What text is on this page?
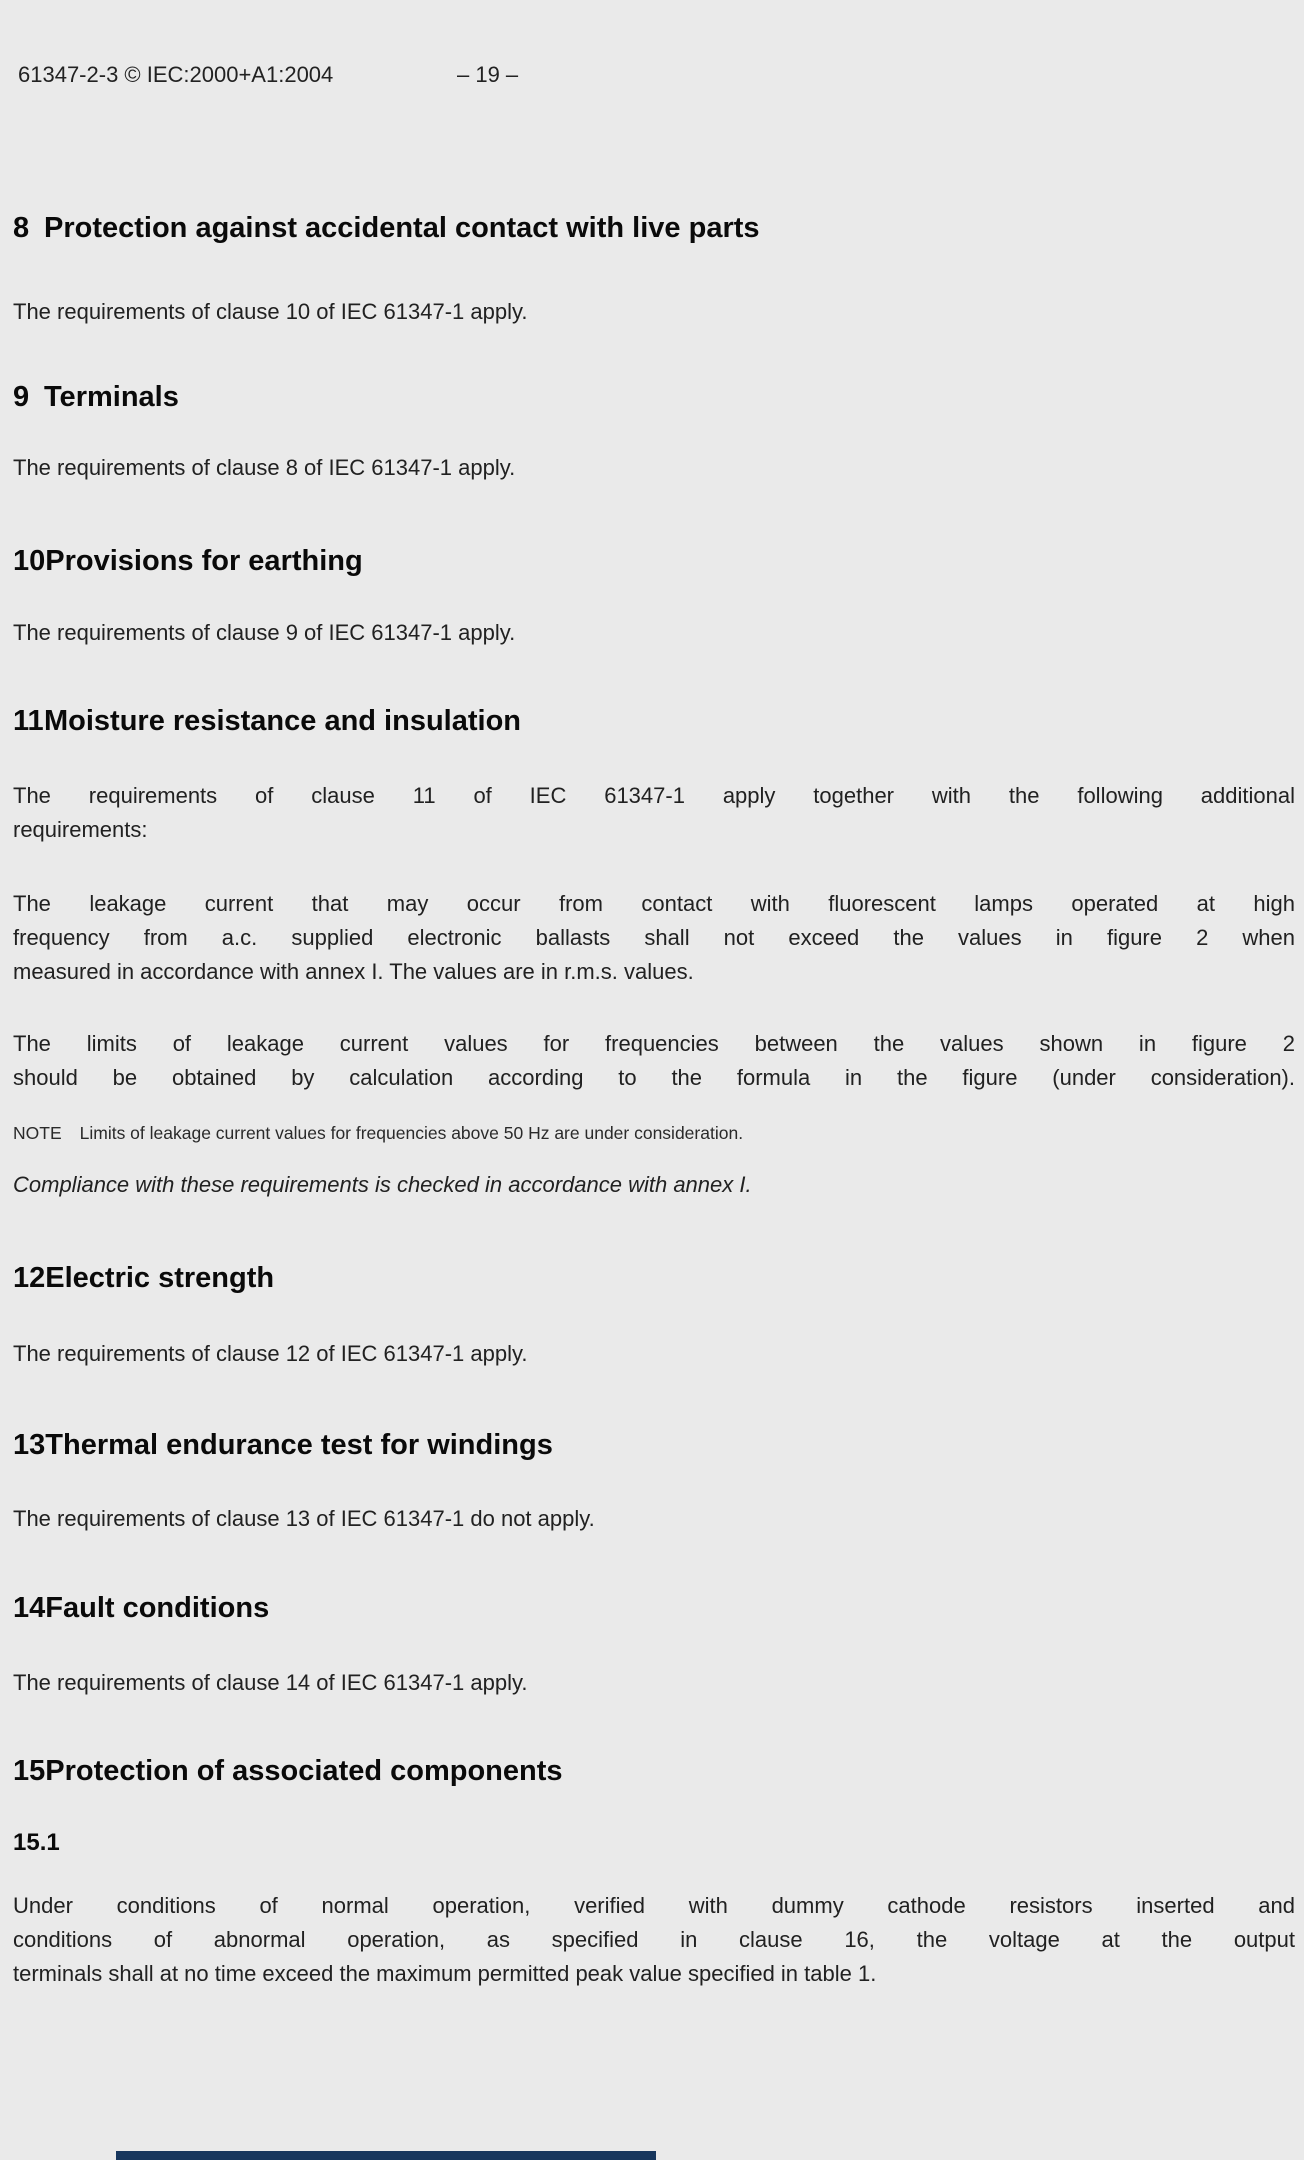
61347-2-3 © IEC:2000+A1:2004	– 19 –
8 Protection against accidental contact with live parts
The requirements of clause 10 of IEC 61347-1 apply.
9 Terminals
The requirements of clause 8 of IEC 61347-1 apply.
10Provisions for earthing
The requirements of clause 9 of IEC 61347-1 apply.
11Moisture resistance and insulation
The requirements of clause 11 of IEC 61347-1 apply together with the following additional
requirements:
The leakage current that may occur from contact with fluorescent lamps operated at high
frequency from a.c. supplied electronic ballasts shall not exceed the values in figure 2 when
measured in accordance with annex I. The values are in r.m.s. values.
The limits of leakage current values for frequencies between the values shown in figure 2
should be obtained by calculation according to the formula in the figure (under consideration).
NOTE Limits of leakage current values for frequencies above 50 Hz are under consideration.
Compliance with these requirements is checked in accordance with annex I.
12Electric strength
The requirements of clause 12 of IEC 61347-1 apply.
13Thermal endurance test for windings
The requirements of clause 13 of IEC 61347-1 do not apply.
14Fault conditions
The requirements of clause 14 of IEC 61347-1 apply.
15Protection of associated components
15.1
Under conditions of normal operation, verified with dummy cathode resistors inserted and
conditions of abnormal operation, as specified in clause 16, the voltage at the output
terminals shall at no time exceed the maximum permitted peak value specified in table 1.
